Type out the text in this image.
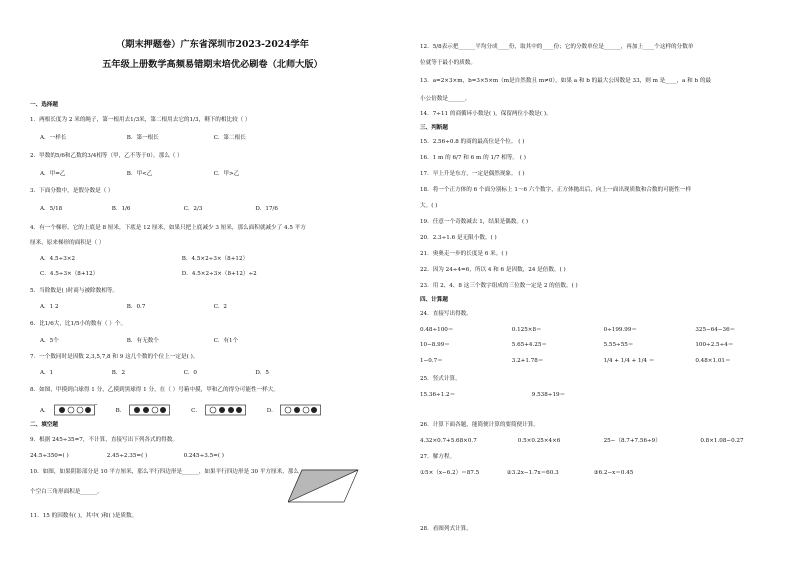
（期末押题卷）广东省深圳市2023-2024学年
五年级上册数学高频易错期末培优必刷卷（北师大版）
一、选择题
1．两根长度为 2 米的绳子，第一根用去1/3米，第二根用去它的1/3，剩下的相比较（ ）
A．一样长	B．第一根长	C．第二根长
2．甲数的5/6和乙数的3/4相等（甲，乙不等于0），那么（ ）
A．甲=乙	B．甲<乙	C．甲>乙
3．下面分数中，是假分数是（ ）
A．5/18	B．1/6	C．2/3	D．17/6
4．有一个梯形，它的上底是 8 厘米，下底是 12 厘米，如果只把上底减少 3 厘米，那么面积就减少了 4.5 平方
厘米，原来梯形的面积是（ ）
A．4.5÷3×2	B．4.5×2÷3×（8+12）
C．4.5÷3×（8+12）	D．4.5×2÷3×（8+12）÷2
5．当除数是( )时商与被除数相等。
A．1 2	B．0.7	C．2
6．比1/6大，比1/5小的数有（ ）个。
A．5个	B．有无数个	C．有1个
7．一个数同时是因数 2,3,5,7,8 和 9 这几个数的个位上一定是( )。
A．1	B．2	C．0	D．5
8．如图，甲摸到白球得 1 分，乙摸到黑球得 1 分，在（ ）号箱中摸，甲和乙的得分可能性一样大。
A．	B．	C．	D．
二、填空题
9．根据 245÷35=7，不计算，直接写出下列各式的得数。
24.5÷350=( )	2.45÷2.35=( )	0.245÷3.5=( )
10．如图，如果阴影部分是 10 平方厘米，那么平行四边形是______，如果平行四边形是 30 平方厘米，那么
个空白三角形面积是______。
11．15 的因数有( )，其中( )和( )是质数。
12．5/8表示把______平均分成____份，取其中的____份；它的分数单位是______，再加上____个这样的分数单
位就等于最小的质数。
13．a=2×3×m，b=3×5×m（m是自然数且 m≠0），如果 a 和 b 的最大公因数是 33，则 m 是____，a 和 b 的最
小公倍数是______。
14．7÷11 的商循环小数是( )，保留两位小数是( )。
三、判断题
15．2.56÷0.8 的商的最高位是个位。 ( )
16．1 m 的 6/7 和 6 m 的 1/7 相等。 ( )
17．早上升是东方，一定是偶然现象。 ( )
18．将一个正方体的 6 个面分别标上 1～6 六个数字，正方体抛出后，向上一面出现质数和合数的可能性一样
大。( )
19．任意一个奇数减去 1，结果是偶数。( )
20．2.3÷1.6 是无限小数。( )
21．奥奥走一步的长度是 6 米。( )
22．因为 24÷4=6，所以 4 和 6 是因数，24 是倍数。( )
23．用 2、4、8 这三个数字组成的三位数一定是 2 的倍数。( )
四、计算题
24．直接写出得数。
0.48÷100＝	0.125×8＝	0÷199.99＝	325−64−36＝
10−8.99＝	5.65+4.25＝	5.55÷55＝	100÷2.5÷4＝
1−0.7＝	3.2+1.78＝	1/4 + 1/4 + 1/4 ＝	0.48×1.01＝
25．竖式计算。
15.36÷1.2＝	9.538÷19＝
26．计算下面各题，能简便计算的要简便计算。
4.32×0.7+5.68×0.7	0.5×0.25×4×6	25−（8.7+7.56÷9）	0.8×1.08−0.27
27．解方程。
①5×（x−6.2）＝87.5	②3.2x−1.7x＝60.3	③6.2−x＝0.45
28．看图列式计算。
